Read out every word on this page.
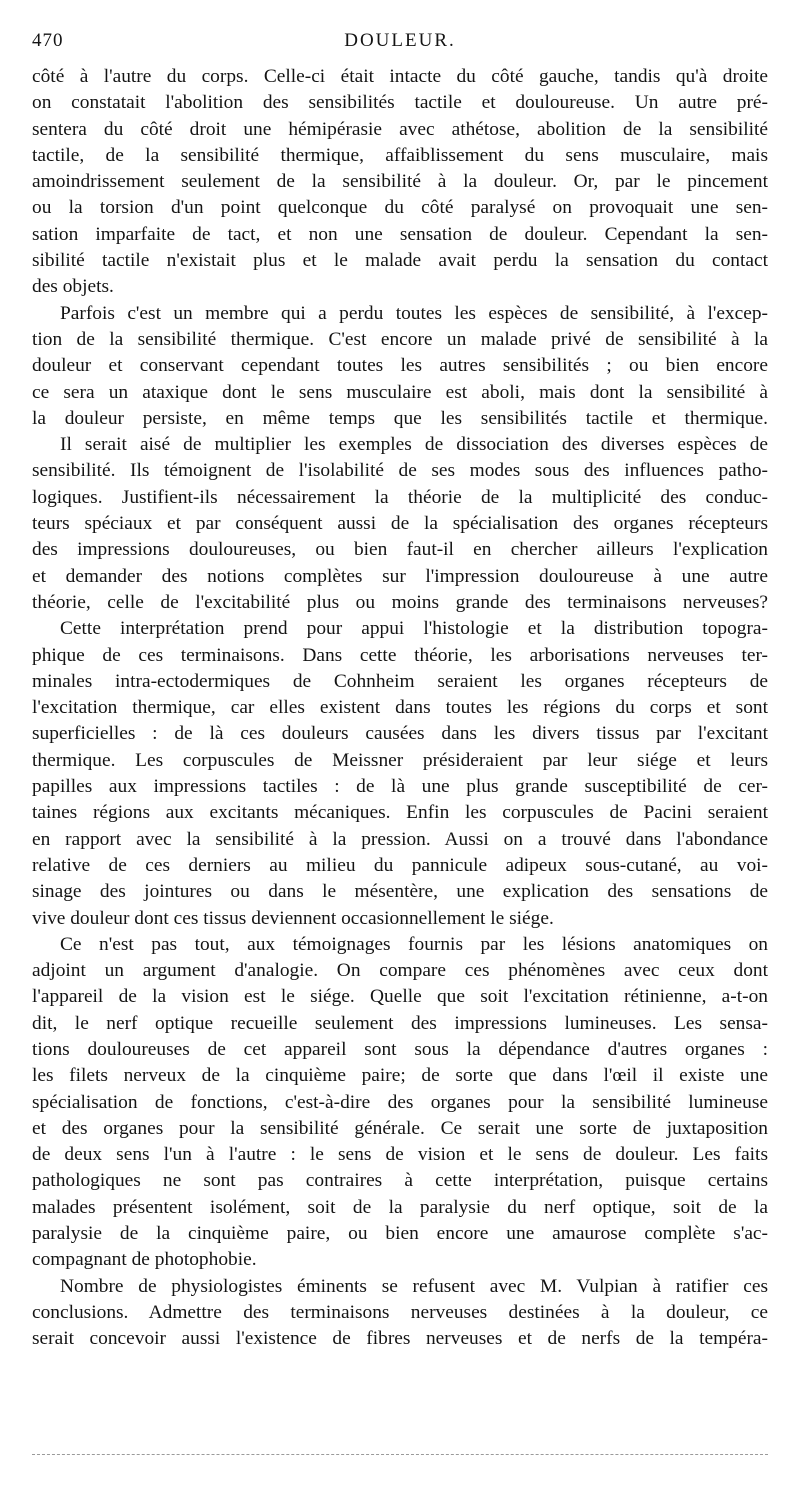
470	DOULEUR.

côté à l'autre du corps. Celle-ci était intacte du côté gauche, tandis qu'à droite

on constatait l'abolition des sensibilités tactile et douloureuse. Un autre pré-

sentera du côté droit une hémipérasie avec athétose, abolition de la sensibilité

tactile, de la sensibilité thermique, affaiblissement du sens musculaire, mais

amoindrissement seulement de la sensibilité à la douleur. Or, par le pincement

ou la torsion d'un point quelconque du côté paralysé on provoquait une sen-

sation imparfaite de tact, et non une sensation de douleur. Cependant la sen-

sibilité tactile n'existait plus et le malade avait perdu la sensation du contact

des objets.

Parfois c'est un membre qui a perdu toutes les espèces de sensibilité, à l'excep-

tion de la sensibilité thermique. C'est encore un malade privé de sensibilité à la

douleur et conservant cependant toutes les autres sensibilités ; ou bien encore

ce sera un ataxique dont le sens musculaire est aboli, mais dont la sensibilité à

la douleur persiste, en même temps que les sensibilités tactile et thermique.

Il serait aisé de multiplier les exemples de dissociation des diverses espèces de

sensibilité. Ils témoignent de l'isolabilité de ses modes sous des influences patho-

logiques. Justifient-ils nécessairement la théorie de la multiplicité des conduc-

teurs spéciaux et par conséquent aussi de la spécialisation des organes récepteurs

des impressions douloureuses, ou bien faut-il en chercher ailleurs l'explication

et demander des notions complètes sur l'impression douloureuse à une autre

théorie, celle de l'excitabilité plus ou moins grande des terminaisons nerveuses?

Cette interprétation prend pour appui l'histologie et la distribution topogra-

phique de ces terminaisons. Dans cette théorie, les arborisations nerveuses ter-

minales intra-ectodermiques de Cohnheim seraient les organes récepteurs de

l'excitation thermique, car elles existent dans toutes les régions du corps et sont

superficielles : de là ces douleurs causées dans les divers tissus par l'excitant

thermique. Les corpuscules de Meissner présideraient par leur siége et leurs

papilles aux impressions tactiles : de là une plus grande susceptibilité de cer-

taines régions aux excitants mécaniques. Enfin les corpuscules de Pacini seraient

en rapport avec la sensibilité à la pression. Aussi on a trouvé dans l'abondance

relative de ces derniers au milieu du pannicule adipeux sous-cutané, au voi-

sinage des jointures ou dans le mésentère, une explication des sensations de

vive douleur dont ces tissus deviennent occasionnellement le siége.

Ce n'est pas tout, aux témoignages fournis par les lésions anatomiques on

adjoint un argument d'analogie. On compare ces phénomènes avec ceux dont

l'appareil de la vision est le siége. Quelle que soit l'excitation rétinienne, a-t-on

dit, le nerf optique recueille seulement des impressions lumineuses. Les sensa-

tions douloureuses de cet appareil sont sous la dépendance d'autres organes :

les filets nerveux de la cinquième paire; de sorte que dans l'œil il existe une

spécialisation de fonctions, c'est-à-dire des organes pour la sensibilité lumineuse

et des organes pour la sensibilité générale. Ce serait une sorte de juxtaposition

de deux sens l'un à l'autre : le sens de vision et le sens de douleur. Les faits

pathologiques ne sont pas contraires à cette interprétation, puisque certains

malades présentent isolément, soit de la paralysie du nerf optique, soit de la

paralysie de la cinquième paire, ou bien encore une amaurose complète s'ac-

compagnant de photophobie.

Nombre de physiologistes éminents se refusent avec M. Vulpian à ratifier ces

conclusions. Admettre des terminaisons nerveuses destinées à la douleur, ce

serait concevoir aussi l'existence de fibres nerveuses et de nerfs de la tempéra-
